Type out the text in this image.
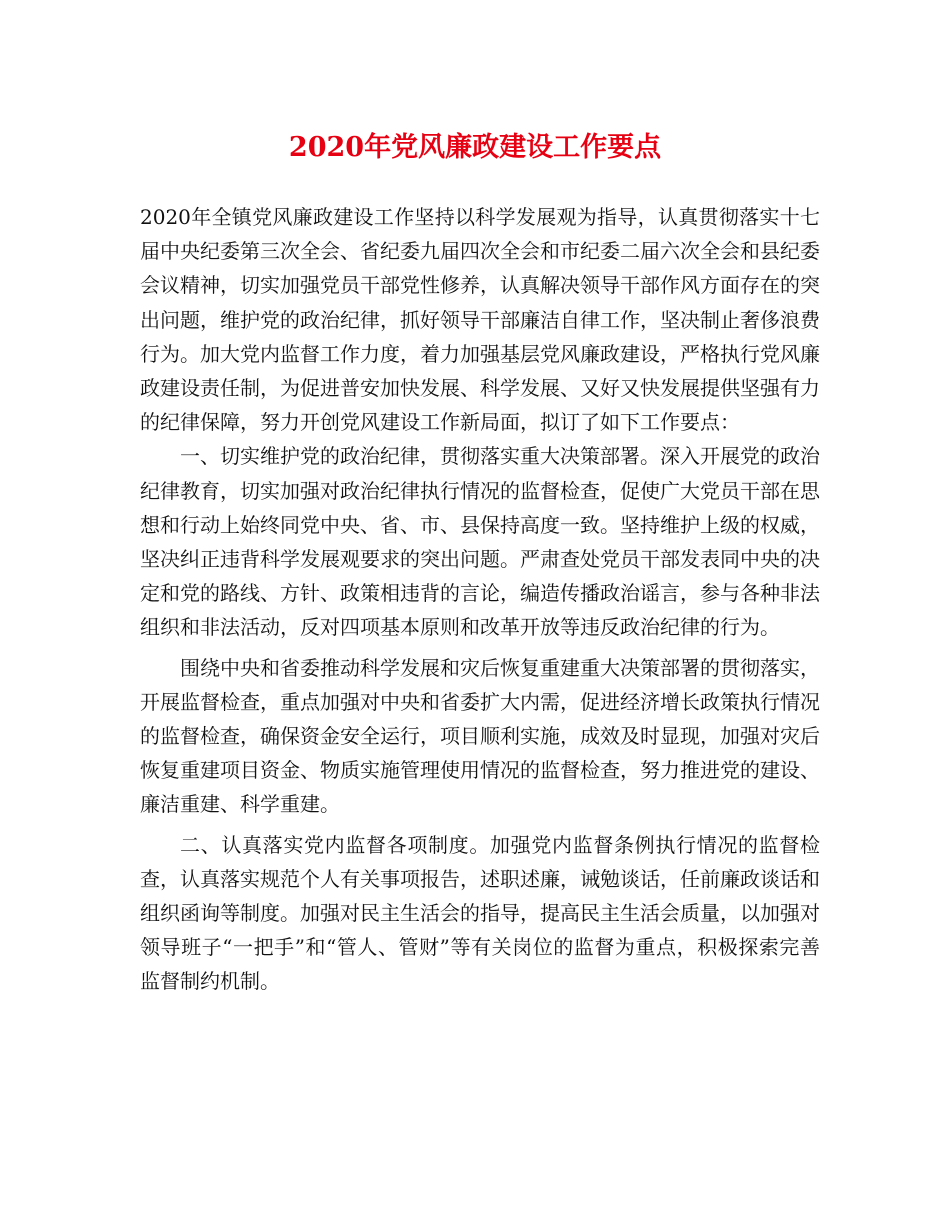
2020年党风廉政建设工作要点

2020年全镇党风廉政建设工作坚持以科学发展观为指导，认真贯彻落实十七届中央纪委第三次全会、省纪委九届四次全会和市纪委二届六次全会和县纪委会议精神，切实加强党员干部党性修养，认真解决领导干部作风方面存在的突出问题，维护党的政治纪律，抓好领导干部廉洁自律工作，坚决制止奢侈浪费行为。加大党内监督工作力度，着力加强基层党风廉政建设，严格执行党风廉政建设责任制，为促进普安加快发展、科学发展、又好又快发展提供坚强有力的纪律保障，努力开创党风建设工作新局面，拟订了如下工作要点：

一、切实维护党的政治纪律，贯彻落实重大决策部署。深入开展党的政治纪律教育，切实加强对政治纪律执行情况的监督检查，促使广大党员干部在思想和行动上始终同党中央、省、市、县保持高度一致。坚持维护上级的权威，坚决纠正违背科学发展观要求的突出问题。严肃查处党员干部发表同中央的决定和党的路线、方针、政策相违背的言论，编造传播政治谣言，参与各种非法组织和非法活动，反对四项基本原则和改革开放等违反政治纪律的行为。

围绕中央和省委推动科学发展和灾后恢复重建重大决策部署的贯彻落实，开展监督检查，重点加强对中央和省委扩大内需，促进经济增长政策执行情况的监督检查，确保资金安全运行，项目顺利实施，成效及时显现，加强对灾后恢复重建项目资金、物质实施管理使用情况的监督检查，努力推进党的建设、廉洁重建、科学重建。

二、认真落实党内监督各项制度。加强党内监督条例执行情况的监督检查，认真落实规范个人有关事项报告，述职述廉，诫勉谈话，任前廉政谈话和组织函询等制度。加强对民主生活会的指导，提高民主生活会质量，以加强对领导班子“一把手”和“管人、管财”等有关岗位的监督为重点，积极探索完善监督制约机制。
